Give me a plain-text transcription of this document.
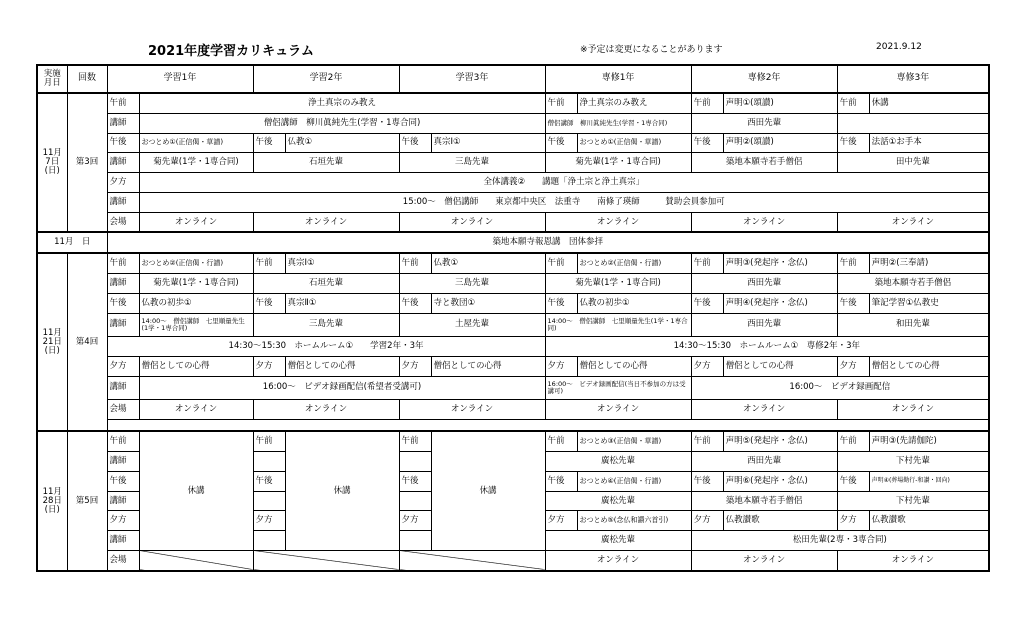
2021年度学習カリキュラム	※予定は変更になることがあります	2021.9.12
実施 月日	回数	学習1年		学習2年		学習3年		専修1年		専修2年		専修3年	
11月 7日 (日)	第3回	午前	浄土真宗のみ教え					午前	浄土真宗のみ教え	午前	声明①(頌讃)	午前	休講
		講師	僧侶講師　柳川眞純先生(学習・1専合同)					僧侶講師　柳川眞純先生(学習・1専合同)		西田先輩			
		午後	おつとめ①(正信偈・草譜)	午後	仏教①	午後	真宗Ⅰ①	午後	おつとめ①(正信偈・草譜)	午後	声明②(頌讃)	午後	法話①お手本
		講師	菊先輩(1学・1専合同)	石垣先輩		三島先輩		菊先輩(1学・1専合同)		築地本願寺若手僧侶		田中先輩	
		夕方	全体講義②　　講題「浄土宗と浄土真宗」										
		講師	15:00～　僧侶講師　　東京都中央区　法重寺　　南條了瑛師　　　賛助会員参加可										
		会場	オンライン	オンライン		オンライン		オンライン		オンライン		オンライン	
11月　日		築地本願寺報恩講　団体参拝											
11月 21日 (日)	第4回	午前	おつとめ②(正信偈・行譜)	午前	真宗Ⅰ①	午前	仏教①	午前	おつとめ②(正信偈・行譜)	午前	声明③(発起序・念仏)	午前	声明②(三奉請)
		講師	菊先輩(1学・1専合同)	石垣先輩		三島先輩		菊先輩(1学・1専合同)		西田先輩		築地本願寺若手僧侶	
		午後	仏教の初歩①	午後	真宗Ⅱ①	午後	寺と教団①	午後	仏教の初歩①	午後	声明④(発起序・念仏)	午後	筆記学習①仏教史
		講師	14:00～　僧侶講師　七里順量先生(1学・1専合同)	三島先輩		土屋先輩		14:00～　僧侶講師　七里順量先生(1学・1専合同)		西田先輩		和田先輩	
		14:30～15:30　ホームルーム①　　学習2年・3年						14:30～15:30　ホームルーム①　専修2年・3年					
		夕方	僧侶としての心得	夕方	僧侶としての心得	夕方	僧侶としての心得	夕方	僧侶としての心得	夕方	僧侶としての心得	夕方	僧侶としての心得
		講師	16:00～　ビデオ録画配信(希望者受講可)					16:00～　ビデオ録画配信(当日不参加の方は受講可)		16:00～　ビデオ録画配信			
		会場	オンライン	オンライン		オンライン		オンライン		オンライン		オンライン	

11月 28日 (日)	第5回	午前	休講	午前	休講	午前	休講	午前	おつとめ③(正信偈・草譜)	午前	声明⑤(発起序・念仏)	午前	声明③(先請伽陀)
		講師						廣松先輩		西田先輩		下村先輩	
		午後		午後		午後		午後	おつとめ④(正信偈・行譜)	午後	声明⑥(発起序・念仏)	午後	声明④(葬場勤行-和讃・回向)
		講師						廣松先輩		築地本願寺若手僧侶		下村先輩	
		夕方		夕方		夕方		夕方	おつとめ⑤(念仏和讃六首引)	夕方	仏教讃歌	夕方	仏教讃歌
		講師						廣松先輩		松田先輩(2専・3専合同)			
		会場						オンライン		オンライン		オンライン	
